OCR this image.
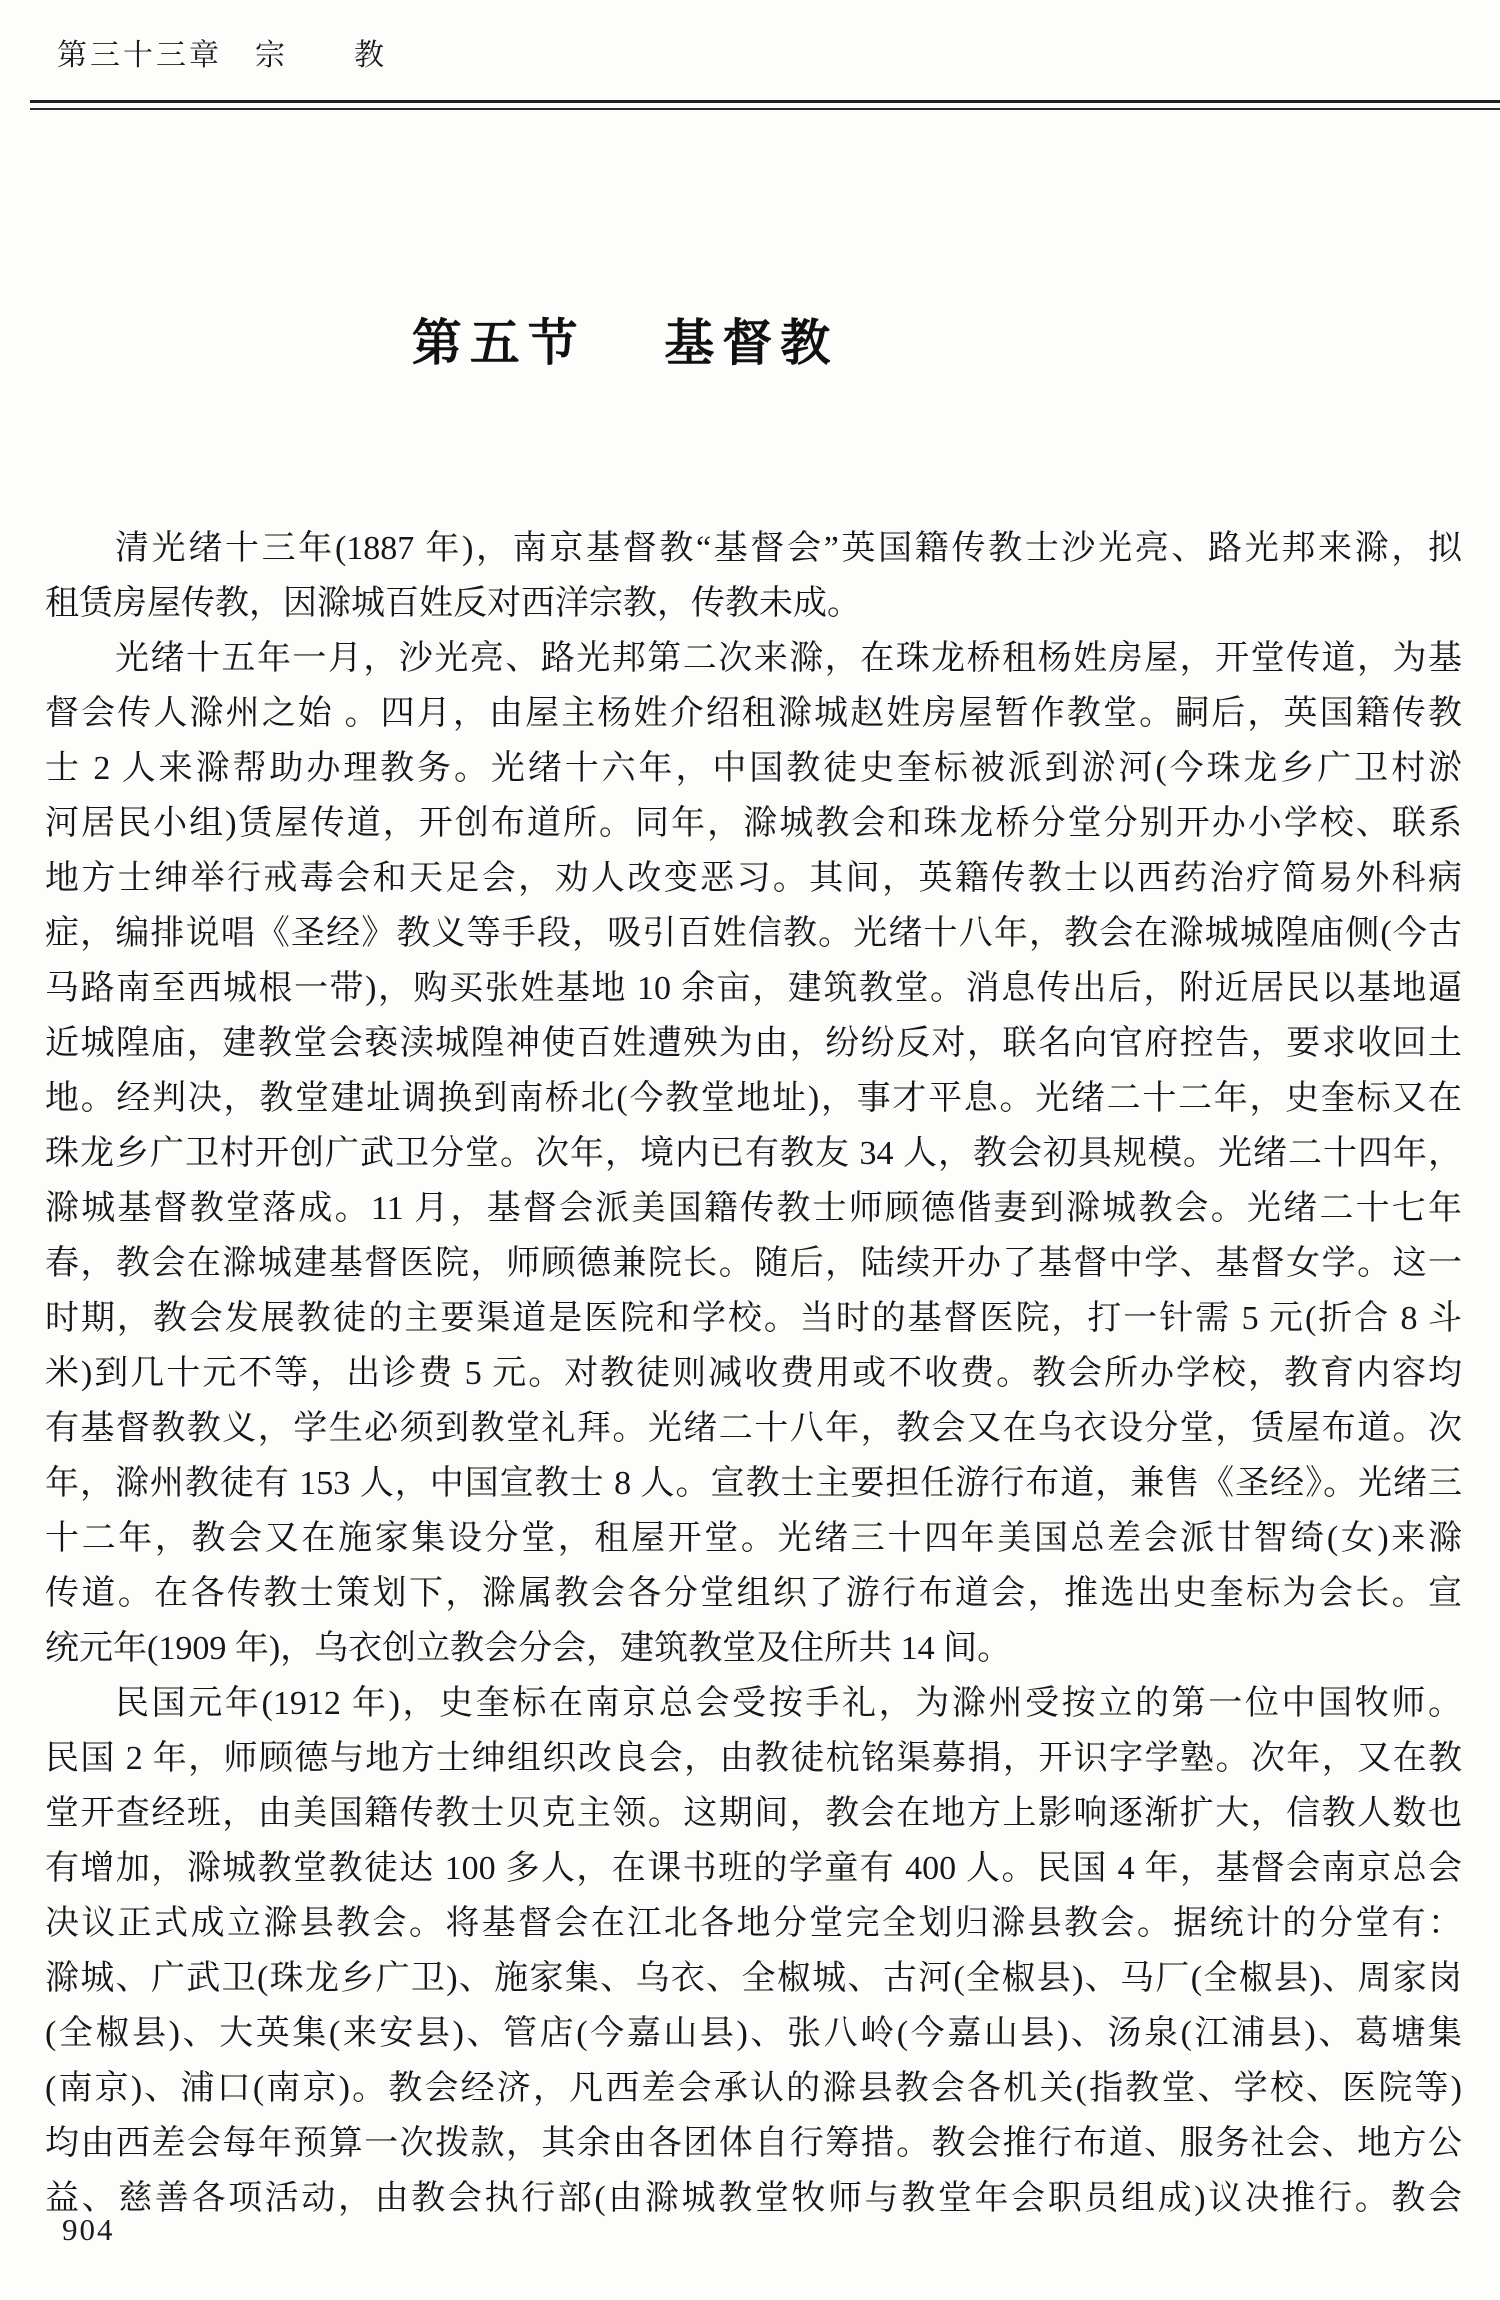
第三十三章　宗　　教
第五节　 基督教
清光绪十三年(1887 年)，南京基督教“基督会”英国籍传教士沙光亮、路光邦来滁，拟
租赁房屋传教，因滁城百姓反对西洋宗教，传教未成。
光绪十五年一月，沙光亮、路光邦第二次来滁，在珠龙桥租杨姓房屋，开堂传道，为基
督会传人滁州之始 。四月，由屋主杨姓介绍租滁城赵姓房屋暂作教堂。嗣后，英国籍传教
士 2 人来滁帮助办理教务。光绪十六年，中国教徒史奎标被派到淤河(今珠龙乡广卫村淤
河居民小组)赁屋传道，开创布道所。同年，滁城教会和珠龙桥分堂分别开办小学校、联系
地方士绅举行戒毒会和天足会，劝人改变恶习。其间，英籍传教士以西药治疗简易外科病
症，编排说唱《圣经》教义等手段，吸引百姓信教。光绪十八年，教会在滁城城隍庙侧(今古
马路南至西城根一带)，购买张姓基地 10 余亩，建筑教堂。消息传出后，附近居民以基地逼
近城隍庙，建教堂会亵渎城隍神使百姓遭殃为由，纷纷反对，联名向官府控告，要求收回土
地。经判决，教堂建址调换到南桥北(今教堂地址)，事才平息。光绪二十二年，史奎标又在
珠龙乡广卫村开创广武卫分堂。次年，境内已有教友 34 人，教会初具规模。光绪二十四年，
滁城基督教堂落成。11 月，基督会派美国籍传教士师顾德偕妻到滁城教会。光绪二十七年
春，教会在滁城建基督医院，师顾德兼院长。随后，陆续开办了基督中学、基督女学。这一
时期，教会发展教徒的主要渠道是医院和学校。当时的基督医院，打一针需 5 元(折合 8 斗
米)到几十元不等，出诊费 5 元。对教徒则减收费用或不收费。教会所办学校，教育内容均
有基督教教义，学生必须到教堂礼拜。光绪二十八年，教会又在乌衣设分堂，赁屋布道。次
年，滁州教徒有 153 人，中国宣教士 8 人。宣教士主要担任游行布道，兼售《圣经》。光绪三
十二年，教会又在施家集设分堂，租屋开堂。光绪三十四年美国总差会派甘智绮(女)来滁
传道。在各传教士策划下，滁属教会各分堂组织了游行布道会，推选出史奎标为会长。宣
统元年(1909 年)，乌衣创立教会分会，建筑教堂及住所共 14 间。
民国元年(1912 年)，史奎标在南京总会受按手礼，为滁州受按立的第一位中国牧师。
民国 2 年，师顾德与地方士绅组织改良会，由教徒杭铭渠募捐，开识字学塾。次年，又在教
堂开查经班，由美国籍传教士贝克主领。这期间，教会在地方上影响逐渐扩大，信教人数也
有增加，滁城教堂教徒达 100 多人，在课书班的学童有 400 人。民国 4 年，基督会南京总会
决议正式成立滁县教会。将基督会在江北各地分堂完全划归滁县教会。据统计的分堂有：
滁城、广武卫(珠龙乡广卫)、施家集、乌衣、全椒城、古河(全椒县)、马厂(全椒县)、周家岗
(全椒县)、大英集(来安县)、管店(今嘉山县)、张八岭(今嘉山县)、汤泉(江浦县)、葛塘集
(南京)、浦口(南京)。教会经济，凡西差会承认的滁县教会各机关(指教堂、学校、医院等)
均由西差会每年预算一次拨款，其余由各团体自行筹措。教会推行布道、服务社会、地方公
益、慈善各项活动，由教会执行部(由滁城教堂牧师与教堂年会职员组成)议决推行。教会
904
